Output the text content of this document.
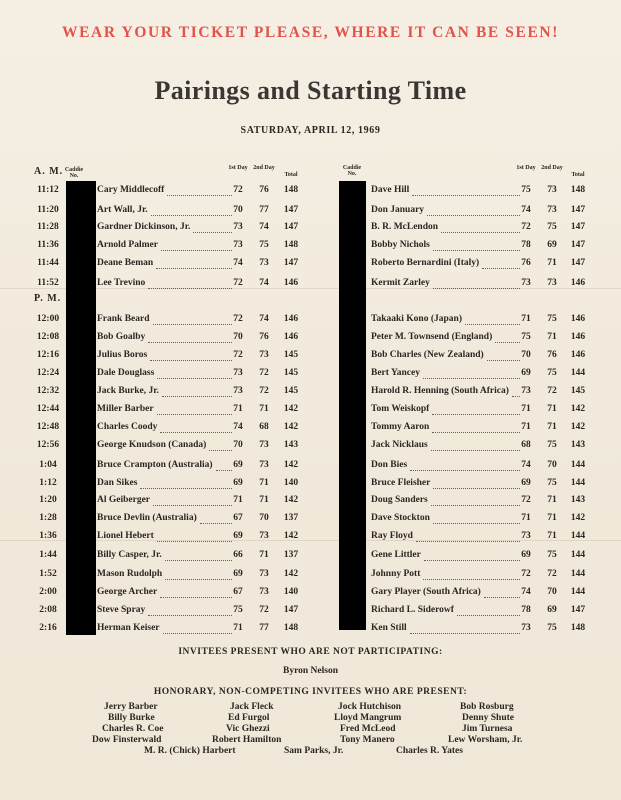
WEAR YOUR TICKET PLEASE, WHERE IT CAN BE SEEN!
Pairings and Starting Time
SATURDAY, APRIL 12, 1969
A. M. Caddie No.
1st Day 2nd Day
Total
Caddie No.
1st Day 2nd Day
Total
P. M.
11:12	Cary Middlecoff	72	76	148	Dave Hill	75	73	148
11:20	Art Wall, Jr.	70	77	147	Don January	74	73	147
11:28	Gardner Dickinson, Jr.	73	74	147	B. R. McLendon	72	75	147
11:36	Arnold Palmer	73	75	148	Bobby Nichols	78	69	147
11:44	Deane Beman	74	73	147	Roberto Bernardini (Italy)	76	71	147
11:52	Lee Trevino	72	74	146	Kermit Zarley	73	73	146
12:00	Frank Beard	72	74	146	Takaaki Kono (Japan)	71	75	146
12:08	Bob Goalby	70	76	146	Peter M. Townsend (England)	75	71	146
12:16	Julius Boros	72	73	145	Bob Charles (New Zealand)	70	76	146
12:24	Dale Douglass	73	72	145	Bert Yancey	69	75	144
12:32	Jack Burke, Jr.	73	72	145	Harold R. Henning (South Africa)	73	72	145
12:44	Miller Barber	71	71	142	Tom Weiskopf	71	71	142
12:48	Charles Coody	74	68	142	Tommy Aaron	71	71	142
12:56	George Knudson (Canada)	70	73	143	Jack Nicklaus	68	75	143
1:04	Bruce Crampton (Australia)	69	73	142	Don Bies	74	70	144
1:12	Dan Sikes	69	71	140	Bruce Fleisher	69	75	144
1:20	Al Geiberger	71	71	142	Doug Sanders	72	71	143
1:28	Bruce Devlin (Australia)	67	70	137	Dave Stockton	71	71	142
1:36	Lionel Hebert	69	73	142	Ray Floyd	73	71	144
1:44	Billy Casper, Jr.	66	71	137	Gene Littler	69	75	144
1:52	Mason Rudolph	69	73	142	Johnny Pott	72	72	144
2:00	George Archer	67	73	140	Gary Player (South Africa)	74	70	144
2:08	Steve Spray	75	72	147	Richard L. Siderowf	78	69	147
2:16	Herman Keiser	71	77	148	Ken Still	73	75	148
INVITEES PRESENT WHO ARE NOT PARTICIPATING:
Byron Nelson
HONORARY, NON-COMPETING INVITEES WHO ARE PRESENT:
Jerry Barber	Jack Fleck	Jock Hutchison	Bob Rosburg
Billy Burke	Ed Furgol	Lloyd Mangrum	Denny Shute
Charles R. Coe	Vic Ghezzi	Fred McLeod	Jim Turnesa
Dow Finsterwald	Robert Hamilton	Tony Manero	Lew Worsham, Jr.
M. R. (Chick) Harbert	Sam Parks, Jr.	Charles R. Yates
